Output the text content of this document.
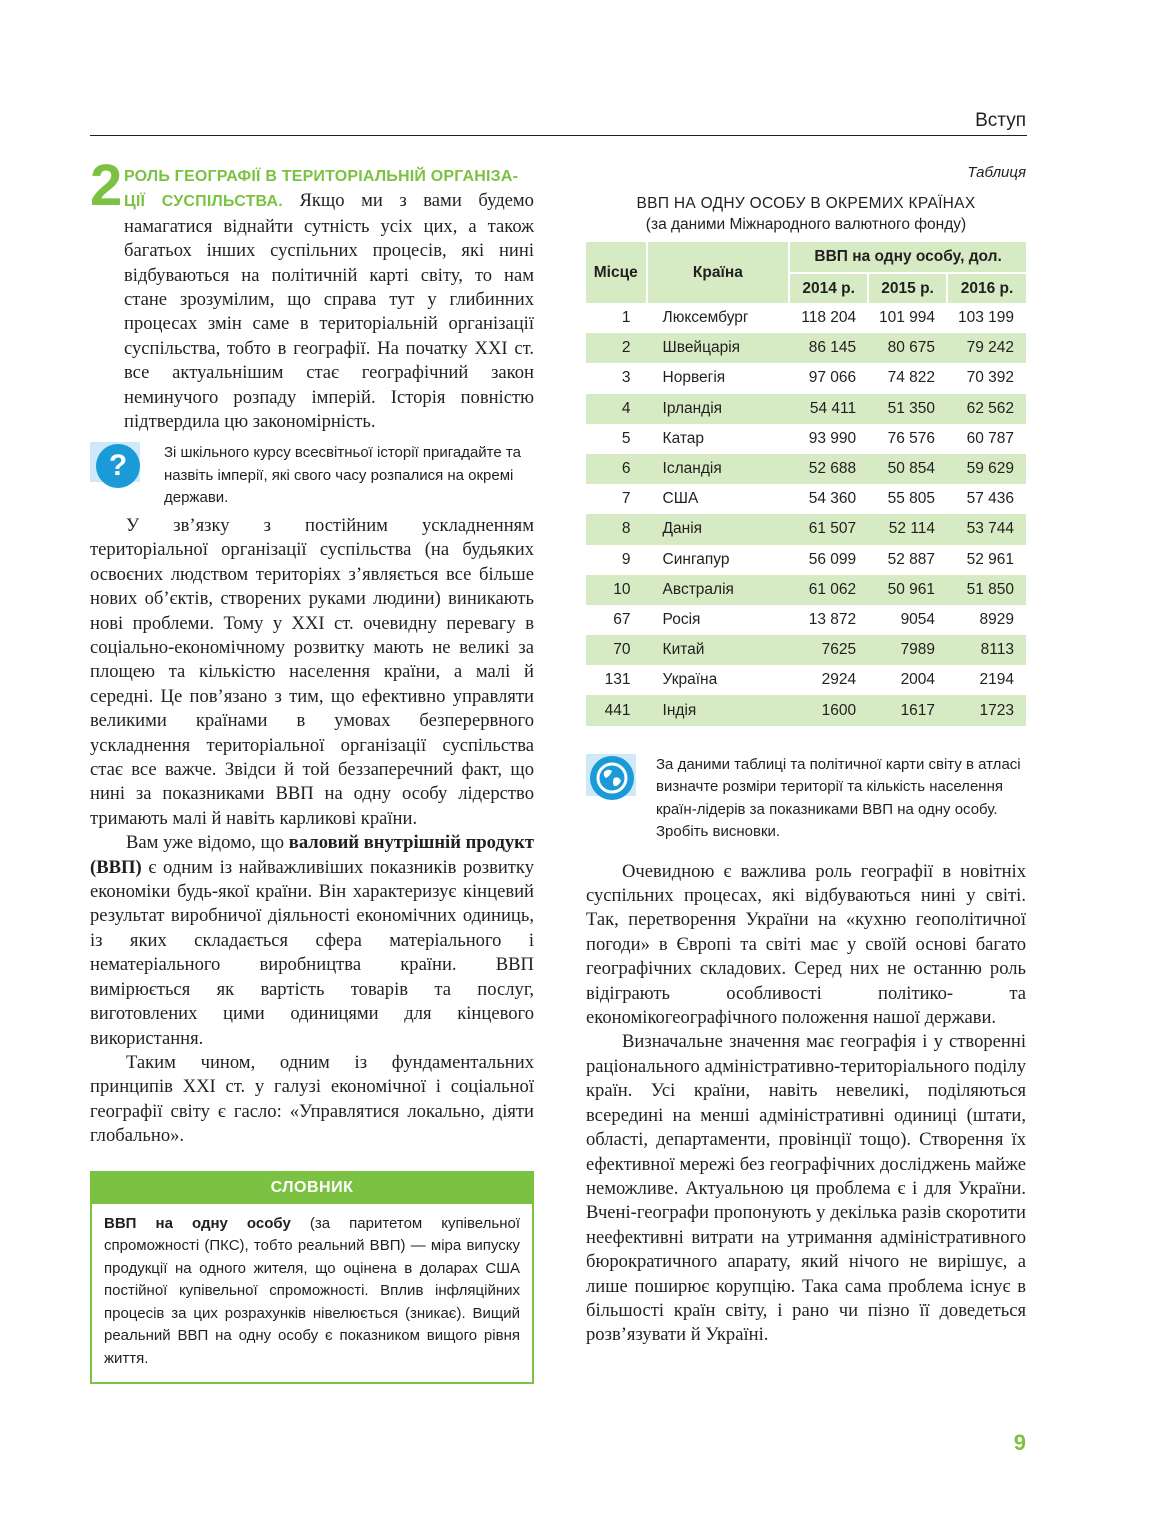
Вступ
2 РОЛЬ ГЕОГРАФІЇ В ТЕРИТОРІАЛЬНІЙ ОРГАНІЗА-
ЦІЇ СУСПІЛЬСТВА. Якщо ми з вами будемо намагатися віднайти сутність усіх цих, а також багатьох інших суспільних процесів, які нині відбуваються на політичній карті світу, то нам стане зрозумілим, що справа тут у глибинних процесах змін саме в територіальній організації суспільства, тобто в географії. На початку ХХІ ст. все актуальнішим стає географічний закон неминучого розпаду імперій. Історія повністю підтвердила цю закономірність.

?	Зі шкільного курсу всесвітньої історії пригадайте та назвіть імперії, які свого часу розпалися на окремі держави.

У зв’язку з постійним ускладненням територіальної організації суспільства (на будьяких освоєних людством територіях з’являється все більше нових об’єктів, створених руками людини) виникають нові проблеми. Тому у ХХІ ст. очевидну перевагу в соціально-економічному розвитку мають не великі за площею та кількістю населення країни, а малі й середні. Це пов’язано з тим, що ефективно управляти великими країнами в умовах безперервного ускладнення територіальної організації суспільства стає все важче. Звідси й той беззаперечний факт, що нині за показниками ВВП на одну особу лідерство тримають малі й навіть карликові країни.

Вам уже відомо, що валовий внутрішній продукт (ВВП) є одним із найважливіших показників розвитку економіки будь-якої країни. Він характеризує кінцевий результат виробничої діяльності економічних одиниць, із яких складається сфера матеріального і нематеріального виробництва країни. ВВП вимірюється як вартість товарів та послуг, виготовлених цими одиницями для кінцевого використання.

Таким чином, одним із фундаментальних принципів ХХІ ст. у галузі економічної і соціальної географії світу є гасло: «Управлятися локально, діяти глобально».

СЛОВНИК
ВВП на одну особу (за паритетом купівельної спроможності (ПКС), тобто реальний ВВП) — міра випуску продукції на одного жителя, що оцінена в доларах США постійної купівельної спроможності. Вплив інфляційних процесів за цих розрахунків нівелюється (зникає). Вищий реальний ВВП на одну особу є показником вищого рівня життя.
Таблиця
ВВП НА ОДНУ ОСОБУ В ОКРЕМИХ КРАЇНАХ
(за даними Міжнародного валютного фонду)
Місце	Країна	ВВП на одну особу, дол.		
		2014 р.	2015 р.	2016 р.
1	Люксембург	118 204	101 994	103 199
2	Швейцарія	86 145	80 675	79 242
3	Норвегія	97 066	74 822	70 392
4	Ірландія	54 411	51 350	62 562
5	Катар	93 990	76 576	60 787
6	Ісландія	52 688	50 854	59 629
7	США	54 360	55 805	57 436
8	Данія	61 507	52 114	53 744
9	Сингапур	56 099	52 887	52 961
10	Австралія	61 062	50 961	51 850
67	Росія	13 872	9054	8929
70	Китай	7625	7989	8113
131	Україна	2924	2004	2194
441	Індія	1600	1617	1723
За даними таблиці та політичної карти світу в атласі визначте розміри території та кількість населення країн-лідерів за показниками ВВП на одну особу. Зробіть висновки.

Очевидною є важлива роль географії в новітніх суспільних процесах, які відбуваються нині у світі. Так, перетворення України на «кухню геополітичної погоди» в Європі та світі має у своїй основі багато географічних складових. Серед них не останню роль відіграють особливості політико- та економікогеографічного положення нашої держави.

Визначальне значення має географія і у створенні раціонального адміністративно-територіального поділу країн. Усі країни, навіть невеликі, поділяються всередині на менші адміністративні одиниці (штати, області, департаменти, провінції тощо). Створення їх ефективної мережі без географічних досліджень майже неможливе. Актуальною ця проблема є і для України. Вчені-географи пропонують у декілька разів скоротити неефективні витрати на утримання адміністративного бюрократичного апарату, який нічого не вирішує, а лише поширює корупцію. Така сама проблема існує в більшості країн світу, і рано чи пізно її доведеться розв’язувати й Україні.

9
